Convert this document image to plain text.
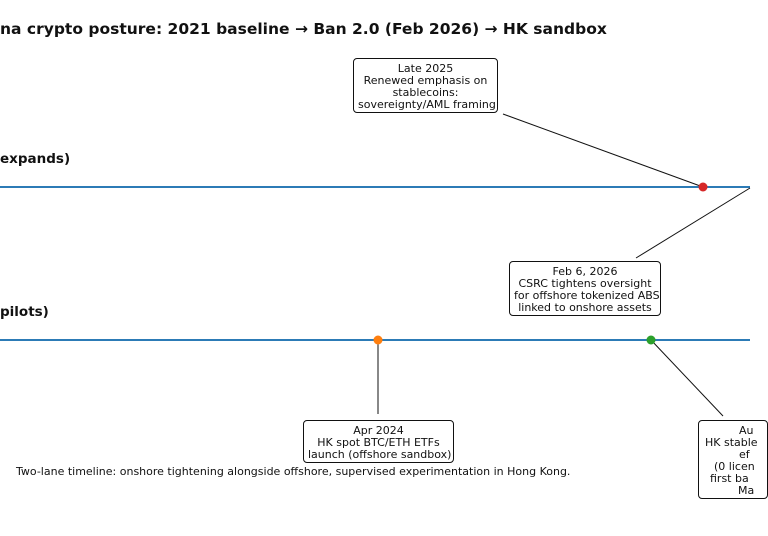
na crypto posture: 2021 baseline → Ban 2.0 (Feb 2026) → HK sandbox
expands)
pilots)
Late 2025
Renewed emphasis on
stablecoins:
sovereignty/AML framing
Feb 6, 2026
CSRC tightens oversight
for offshore tokenized ABS
linked to onshore assets
Apr 2024
HK spot BTC/ETH ETFs
launch (offshore sandbox)
Au
HK stable
ef
(0 licen
first ba
Ma
Two-lane timeline: onshore tightening alongside offshore, supervised experimentation in Hong Kong.
